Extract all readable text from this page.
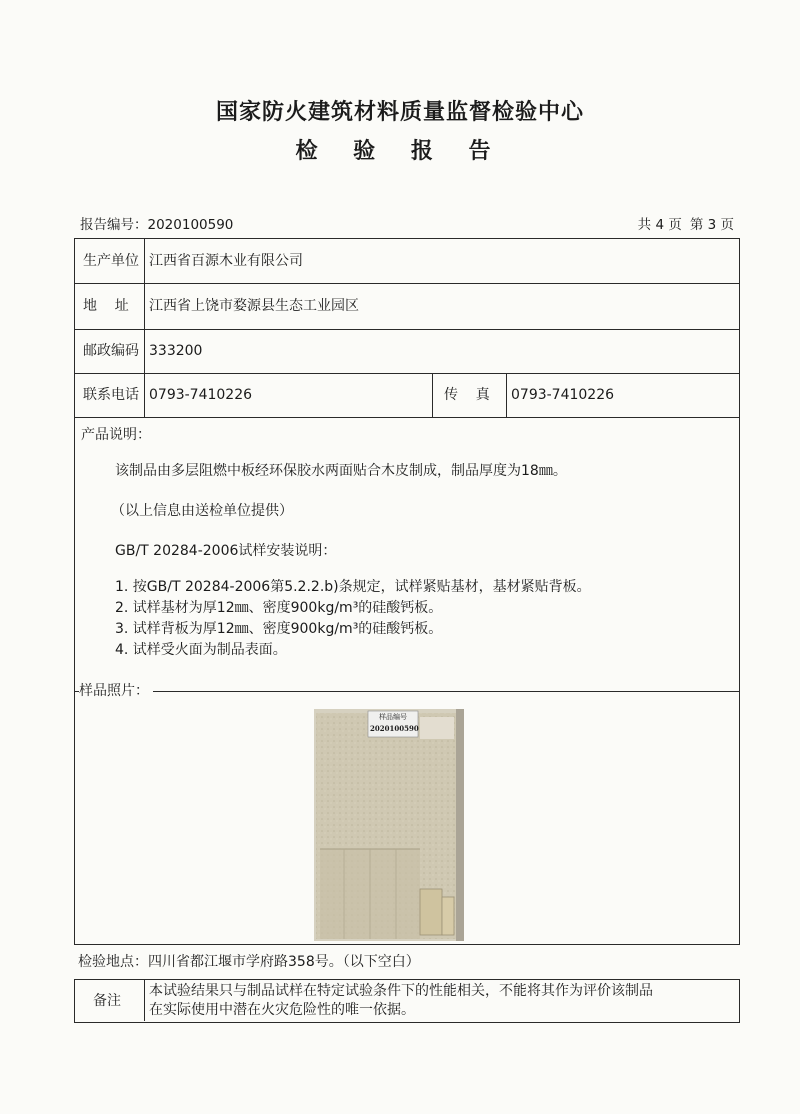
国家防火建筑材料质量监督检验中心
检 验 报 告
报告编号：2020100590	共 4 页 第 3 页
生产单位 江西省百源木业有限公司
地    址 江西省上饶市婺源县生态工业园区
邮政编码 333200
联系电话 0793-7410226	传    真 0793-7410226
产品说明：
该制品由多层阻燃中板经环保胶水两面贴合木皮制成，制品厚度为18㎜。
（以上信息由送检单位提供）
GB/T 20284-2006试样安装说明：
1. 按GB/T 20284-2006第5.2.2.b)条规定，试样紧贴基材，基材紧贴背板。
2. 试样基材为厚12㎜、密度900kg/m³的硅酸钙板。
3. 试样背板为厚12㎜、密度900kg/m³的硅酸钙板。
4. 试样受火面为制品表面。
样品照片：
样品编号
2020100590
检验地点：四川省都江堰市学府路358号。（以下空白）
备注
本试验结果只与制品试样在特定试验条件下的性能相关，不能将其作为评价该制品
在实际使用中潜在火灾危险性的唯一依据。
